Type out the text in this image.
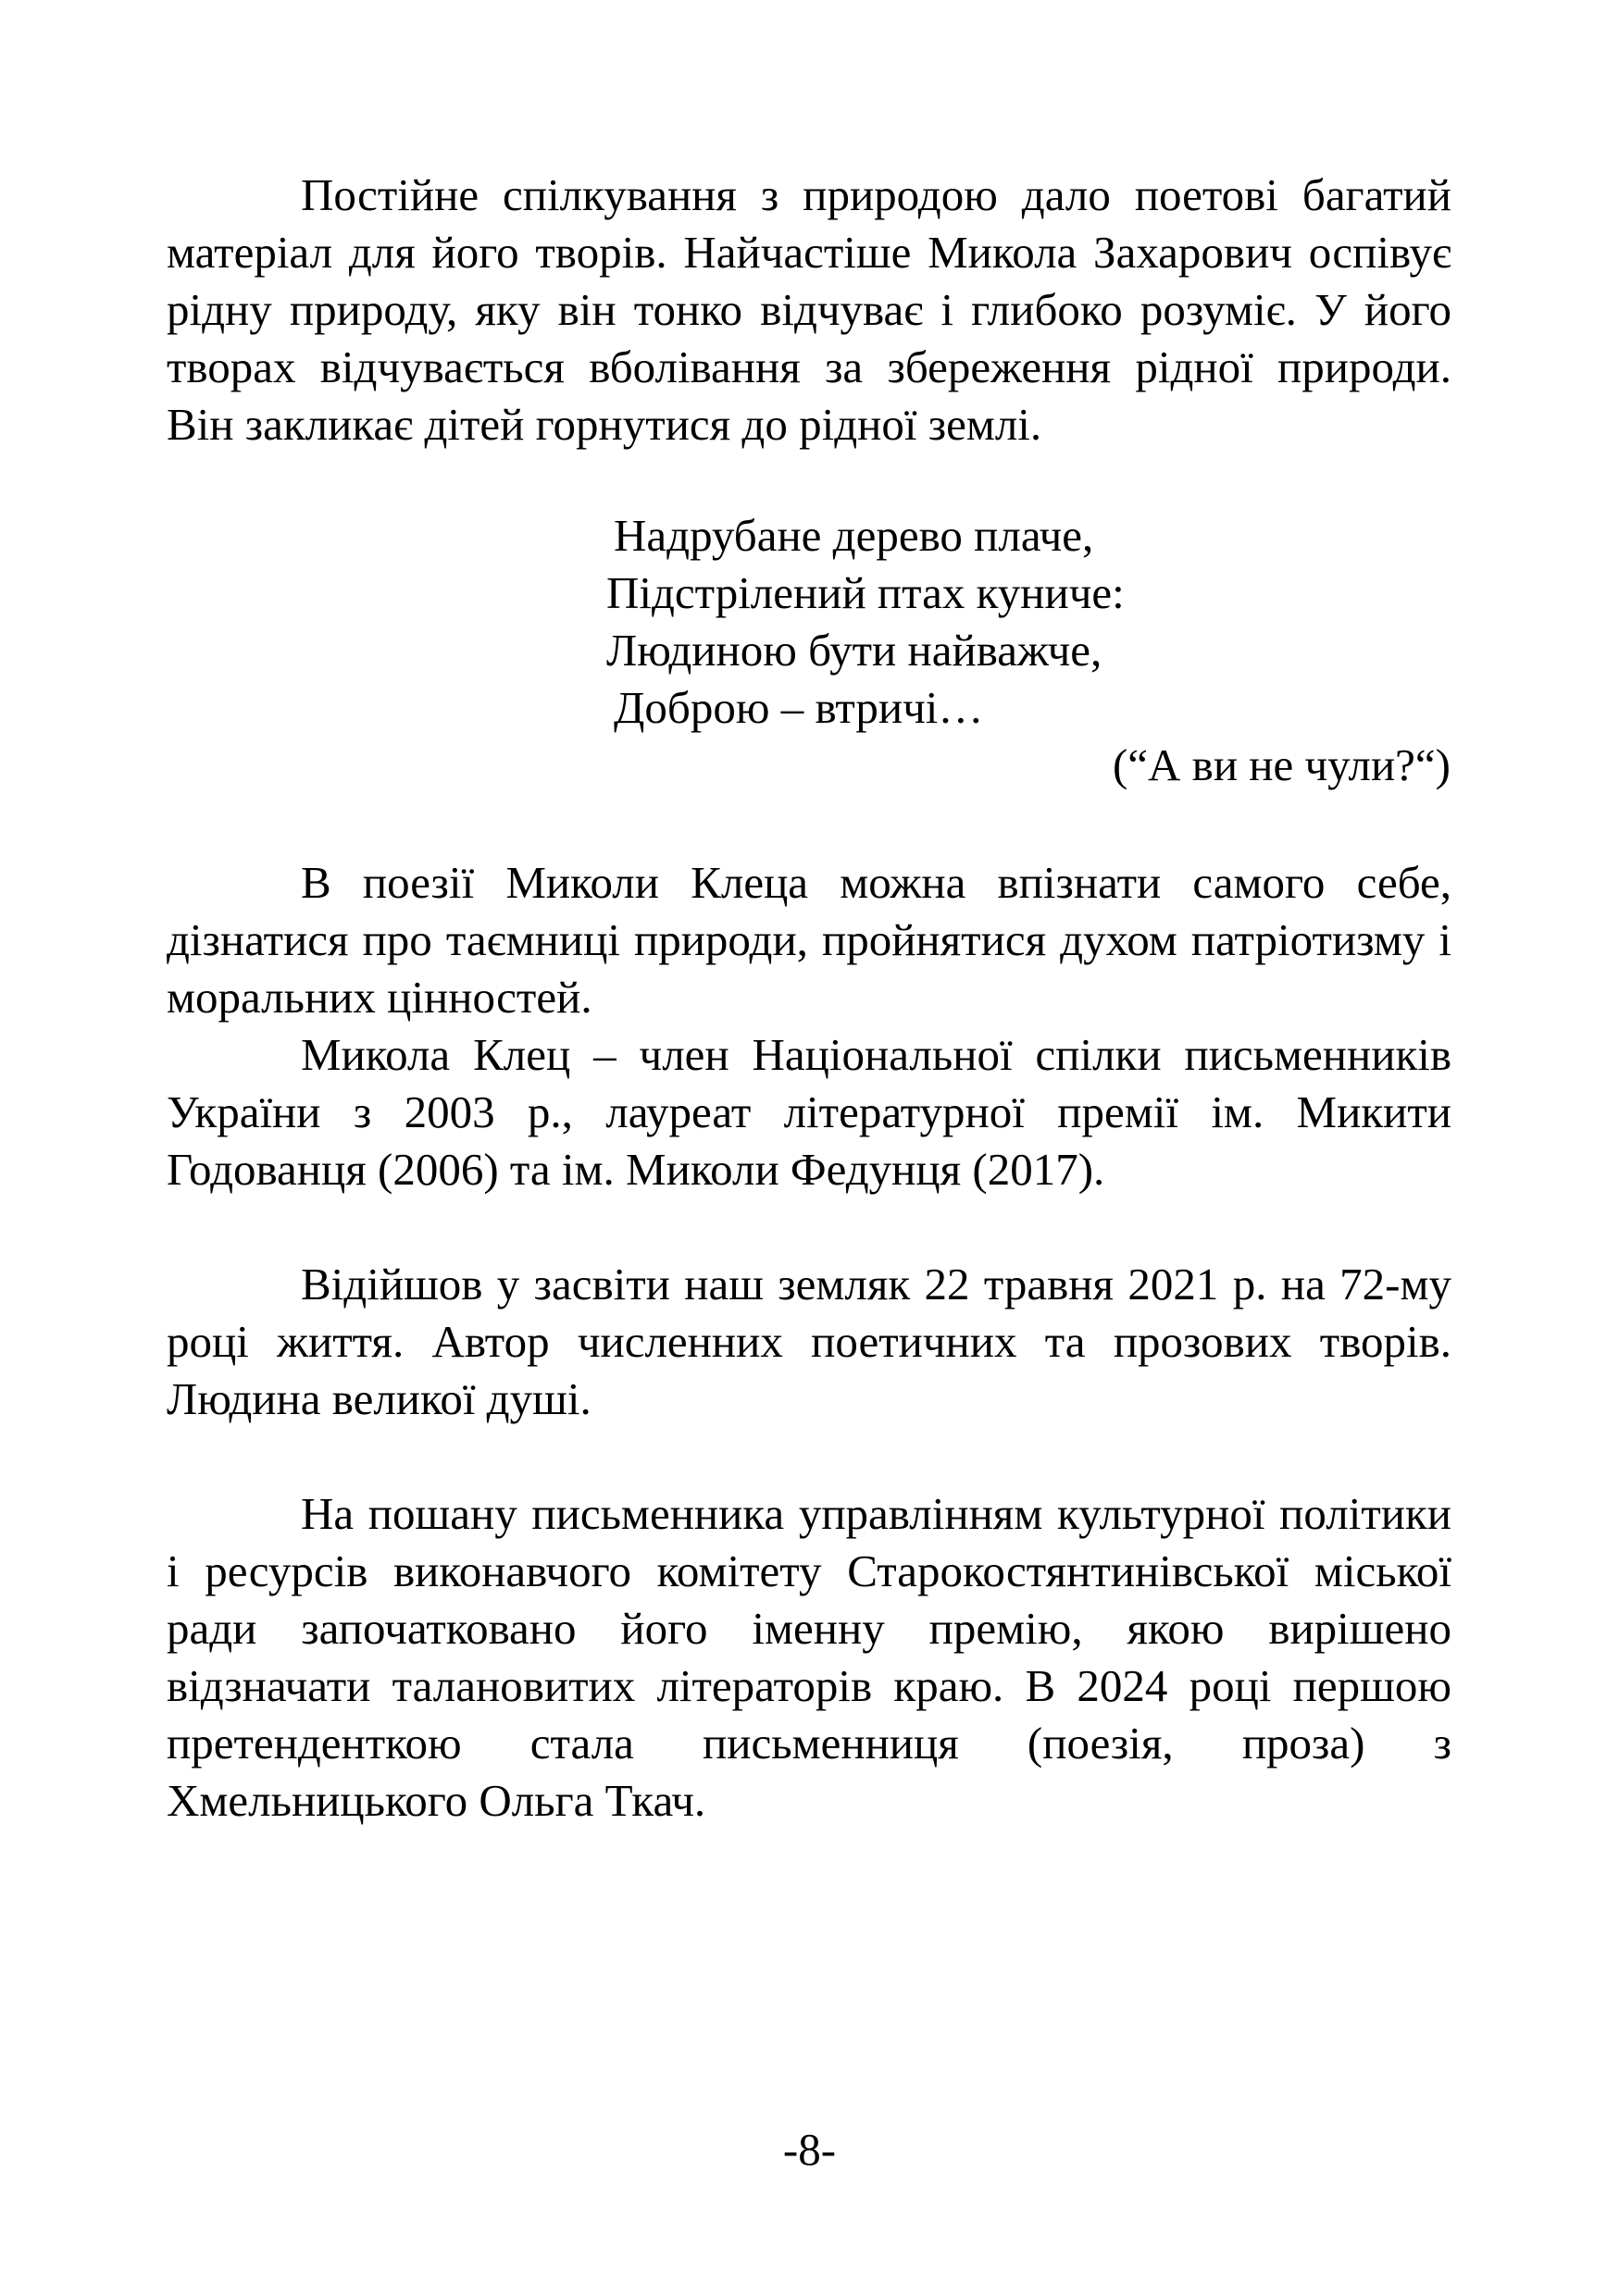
Постійне спілкування з природою дало поетові багатий матеріал для його творів. Найчастіше Микола Захарович оспівує рідну природу, яку він тонко відчуває і глибоко розуміє. У його творах відчувається вболівання за збереження рідної природи. Він закликає дітей горнутися до рідної землі.

Надрубане дерево плаче,
Підстрілений птах куниче:
Людиною бути найважче,
Доброю – втричі…
(“А ви не чули?“)

В поезії Миколи Клеца можна впізнати самого себе, дізнатися про таємниці природи, пройнятися духом патріотизму і моральних цінностей.

Микола Клец – член Національної спілки письменників України з 2003 р., лауреат літературної премії ім. Микити Годованця (2006) та ім. Миколи Федунця (2017).

Відійшов у засвіти наш земляк 22 травня 2021 р. на 72-му році життя. Автор численних поетичних та прозових творів. Людина великої душі.

На пошану письменника управлінням культурної політики і ресурсів виконавчого комітету Старокостянтинівської міської ради започатковано його іменну премію, якою вирішено відзначати талановитих літераторів краю. В 2024 році першою претенденткою стала письменниця (поезія, проза) з Хмельницького Ольга Ткач.

-8-
